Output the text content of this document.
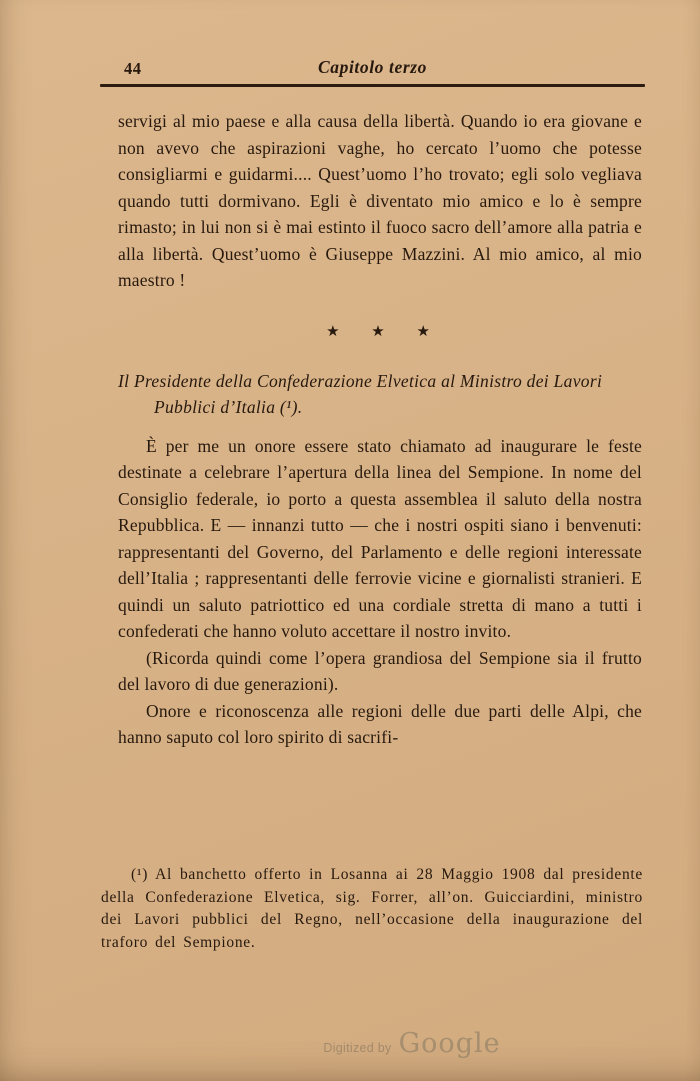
44	Capitolo terzo

servigi al mio paese e alla causa della libertà. Quando io era giovane e non avevo che aspirazioni vaghe, ho cercato l’uomo che potesse consigliarmi e guidarmi.... Quest’uomo l’ho trovato; egli solo vegliava quando tutti dormivano. Egli è diventato mio amico e lo è sempre rimasto; in lui non si è mai estinto il fuoco sacro dell’amore alla patria e alla libertà. Quest’uomo è Giuseppe Mazzini. Al mio amico, al mio maestro !

★ ★ ★
Il Presidente della Confederazione Elvetica al Ministro dei Lavori Pubblici d’Italia (¹).

È per me un onore essere stato chiamato ad inaugurare le feste destinate a celebrare l’apertura della linea del Sempione. In nome del Consiglio federale, io porto a questa assemblea il saluto della nostra Repubblica. E — innanzi tutto — che i nostri ospiti siano i benvenuti: rappresentanti del Governo, del Parlamento e delle regioni interessate dell’Italia ; rappresentanti delle ferrovie vicine e giornalisti stranieri. E quindi un saluto patriottico ed una cordiale stretta di mano a tutti i confederati che hanno voluto accettare il nostro invito.

(Ricorda quindi come l’opera grandiosa del Sempione sia il frutto del lavoro di due generazioni).

Onore e riconoscenza alle regioni delle due parti delle Alpi, che hanno saputo col loro spirito di sacrifi-

(¹) Al banchetto offerto in Losanna ai 28 Maggio 1908 dal presidente della Confederazione Elvetica, sig. Forrer, all’on. Guicciardini, ministro dei Lavori pubblici del Regno, nell’occasione della inaugurazione del traforo del Sempione.

Digitized by Google
